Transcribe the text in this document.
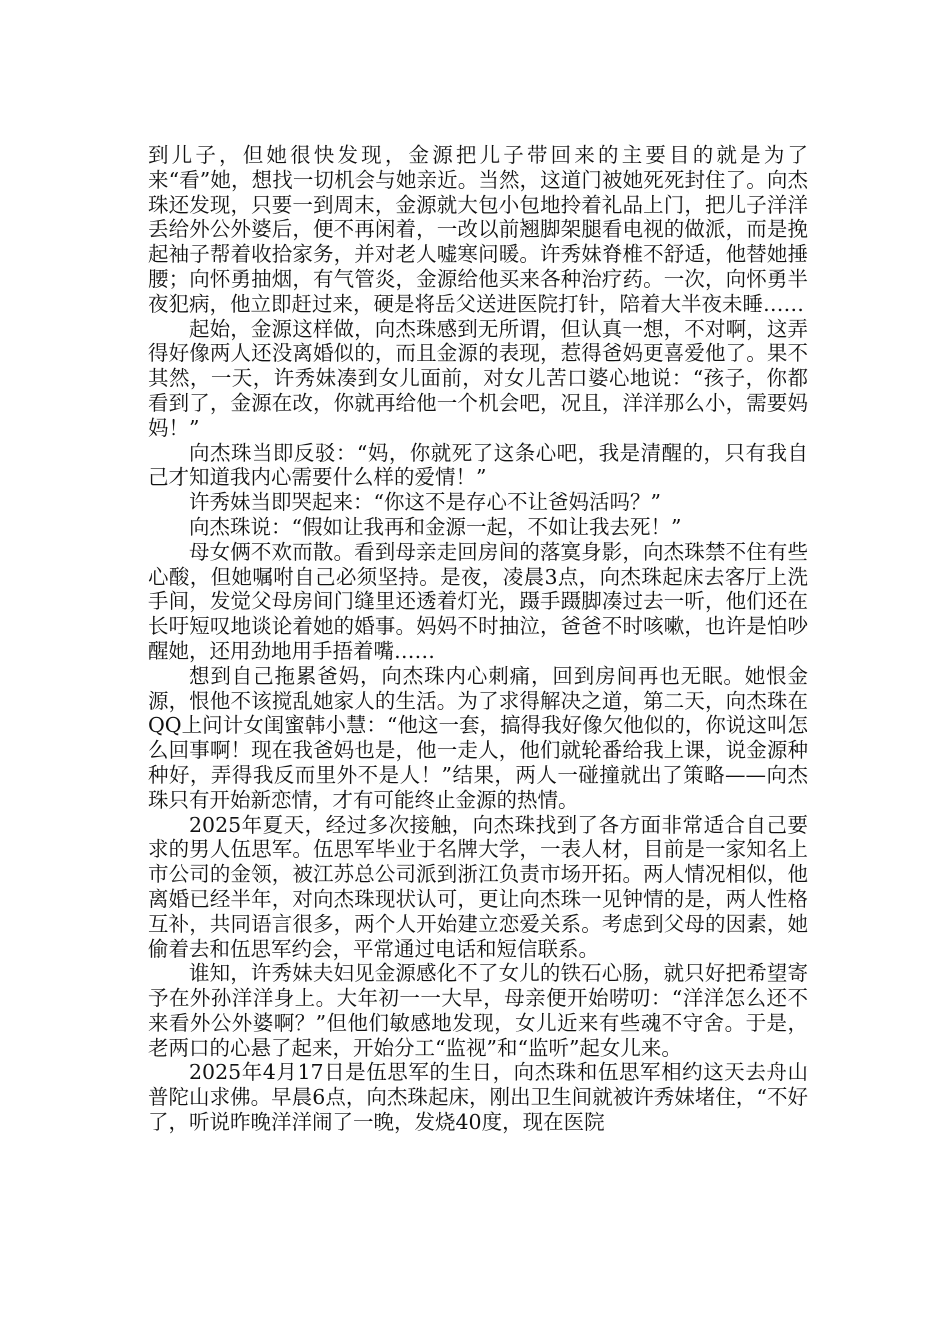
到儿子，但她很快发现，金源把儿子带回来的主要目的就是为了来“看”她，想找一切机会与她亲近。当然，这道门被她死死封住了。向杰珠还发现，只要一到周末，金源就大包小包地拎着礼品上门，把儿子洋洋丢给外公外婆后，便不再闲着，一改以前翘脚架腿看电视的做派，而是挽起袖子帮着收拾家务，并对老人嘘寒问暖。许秀妹脊椎不舒适，他替她捶腰；向怀勇抽烟，有气管炎，金源给他买来各种治疗药。一次，向怀勇半夜犯病，他立即赶过来，硬是将岳父送进医院打针，陪着大半夜未睡……

起始，金源这样做，向杰珠感到无所谓，但认真一想，不对啊，这弄得好像两人还没离婚似的，而且金源的表现，惹得爸妈更喜爱他了。果不其然，一天，许秀妹凑到女儿面前，对女儿苦口婆心地说：“孩子，你都看到了，金源在改，你就再给他一个机会吧，况且，洋洋那么小，需要妈妈！”

向杰珠当即反驳：“妈，你就死了这条心吧，我是清醒的，只有我自己才知道我内心需要什么样的爱情！”

许秀妹当即哭起来：“你这不是存心不让爸妈活吗？”

向杰珠说：“假如让我再和金源一起，不如让我去死！”

母女俩不欢而散。看到母亲走回房间的落寞身影，向杰珠禁不住有些心酸，但她嘱咐自己必须坚持。是夜，凌晨3点，向杰珠起床去客厅上洗手间，发觉父母房间门缝里还透着灯光，蹑手蹑脚凑过去一听，他们还在长吁短叹地谈论着她的婚事。妈妈不时抽泣，爸爸不时咳嗽，也许是怕吵醒她，还用劲地用手捂着嘴……

想到自己拖累爸妈，向杰珠内心刺痛，回到房间再也无眠。她恨金源，恨他不该搅乱她家人的生活。为了求得解决之道，第二天，向杰珠在QQ上问计女闺蜜韩小慧：“他这一套，搞得我好像欠他似的，你说这叫怎么回事啊！现在我爸妈也是，他一走人，他们就轮番给我上课，说金源种种好，弄得我反而里外不是人！”结果，两人一碰撞就出了策略——向杰珠只有开始新恋情，才有可能终止金源的热情。

2025年夏天，经过多次接触，向杰珠找到了各方面非常适合自己要求的男人伍思军。伍思军毕业于名牌大学，一表人材，目前是一家知名上市公司的金领，被江苏总公司派到浙江负责市场开拓。两人情况相似，他离婚已经半年，对向杰珠现状认可，更让向杰珠一见钟情的是，两人性格互补，共同语言很多，两个人开始建立恋爱关系。考虑到父母的因素，她偷着去和伍思军约会，平常通过电话和短信联系。

谁知，许秀妹夫妇见金源感化不了女儿的铁石心肠，就只好把希望寄予在外孙洋洋身上。大年初一一大早，母亲便开始唠叨：“洋洋怎么还不来看外公外婆啊？”但他们敏感地发现，女儿近来有些魂不守舍。于是，老两口的心悬了起来，开始分工“监视”和“监听”起女儿来。

2025年4月17日是伍思军的生日，向杰珠和伍思军相约这天去舟山普陀山求佛。早晨6点，向杰珠起床，刚出卫生间就被许秀妹堵住，“不好了，听说昨晚洋洋闹了一晚，发烧40度，现在医院
